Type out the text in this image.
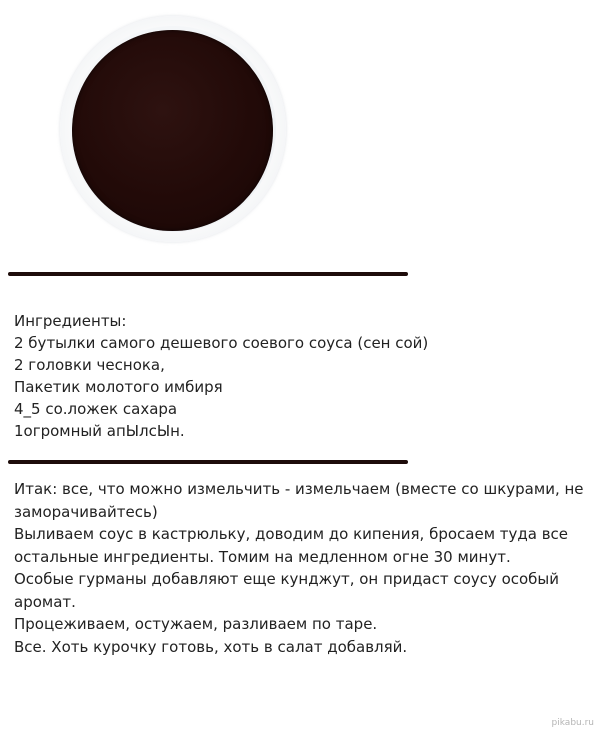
Ингредиенты:
2 бутылки самого дешевого соевого соуса (сен сой)
2 головки чеснока,
Пакетик молотого имбиря
4_5 со.ложек сахара
1огромный апЫлсЫн.
Итак: все, что можно измельчить - измельчаем (вместе со шкурами, не заморачивайтесь)
Выливаем соус в кастрюльку, доводим до кипения, бросаем туда все остальные ингредиенты. Томим на медленном огне 30 минут.
Особые гурманы добавляют еще кунджут, он придаст соусу особый аромат.
Процеживаем, остужаем, разливаем по таре.
Все. Хоть курочку готовь, хоть в салат добавляй.
pikabu.ru
